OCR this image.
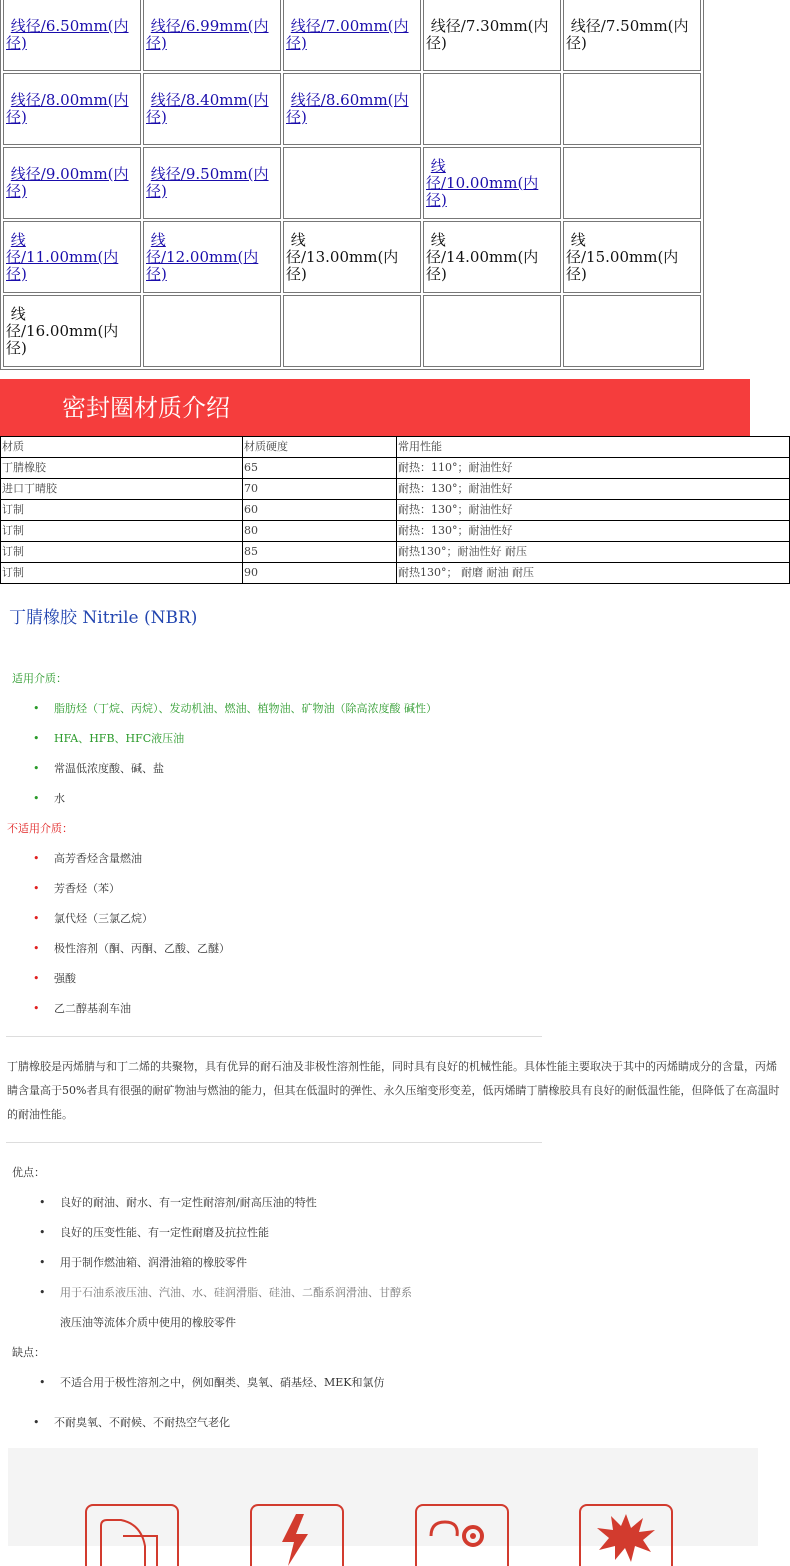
线径/6.50mm(内径)	线径/6.99mm(内径)	线径/7.00mm(内径)	线径/7.30mm(内径)	线径/7.50mm(内径)
线径/8.00mm(内径)	线径/8.40mm(内径)	线径/8.60mm(内径)		
线径/9.00mm(内径)	线径/9.50mm(内径)		线径/10.00mm(内径)	
线径/11.00mm(内径)	线径/12.00mm(内径)	线径/13.00mm(内径)	线径/14.00mm(内径)	线径/15.00mm(内径)
线径/16.00mm(内径)				
密封圈材质介绍
材质	材质硬度	常用性能
丁腈橡胶	65	耐热：110°；耐油性好
进口丁晴胶	70	耐热：130°；耐油性好
订制	60	耐热：130°；耐油性好
订制	80	耐热：130°；耐油性好
订制	85	耐热130°；耐油性好 耐压
订制	90	耐热130°； 耐磨 耐油 耐压
丁腈橡胶 Nitrile (NBR)
适用介质：
• 脂肪烃（丁烷、丙烷）、发动机油、燃油、植物油、矿物油（除高浓度酸 碱性）
• HFA、HFB、HFC液压油
• 常温低浓度酸、碱、盐
• 水
不适用介质：
• 高芳香烃含量燃油
• 芳香烃（苯）
• 氯代烃（三氯乙烷）
• 极性溶剂（酮、丙酮、乙酸、乙醚）
• 强酸
• 乙二醇基刹车油
丁腈橡胶是丙烯腈与和丁二烯的共聚物，具有优异的耐石油及非极性溶剂性能，同时具有良好的机械性能。具体性能主要取决于其中的丙烯睛成分的含量，丙烯睛含量高于50%者具有很强的耐矿物油与燃油的能力，但其在低温时的弹性、永久压缩变形变差，低丙烯睛丁腈橡胶具有良好的耐低温性能，但降低了在高温时的耐油性能。
优点：
• 良好的耐油、耐水、有一定性耐溶剂/耐高压油的特性
• 良好的压变性能、有一定性耐磨及抗拉性能
• 用于制作燃油箱、润滑油箱的橡胶零件
• 用于石油系液压油、汽油、水、硅润滑脂、硅油、二酯系润滑油、甘醇系
液压油等流体介质中使用的橡胶零件
缺点：
• 不适合用于极性溶剂之中，例如酮类、臭氧、硝基烃、MEK和氯仿
• 不耐臭氧、不耐候、不耐热空气老化
